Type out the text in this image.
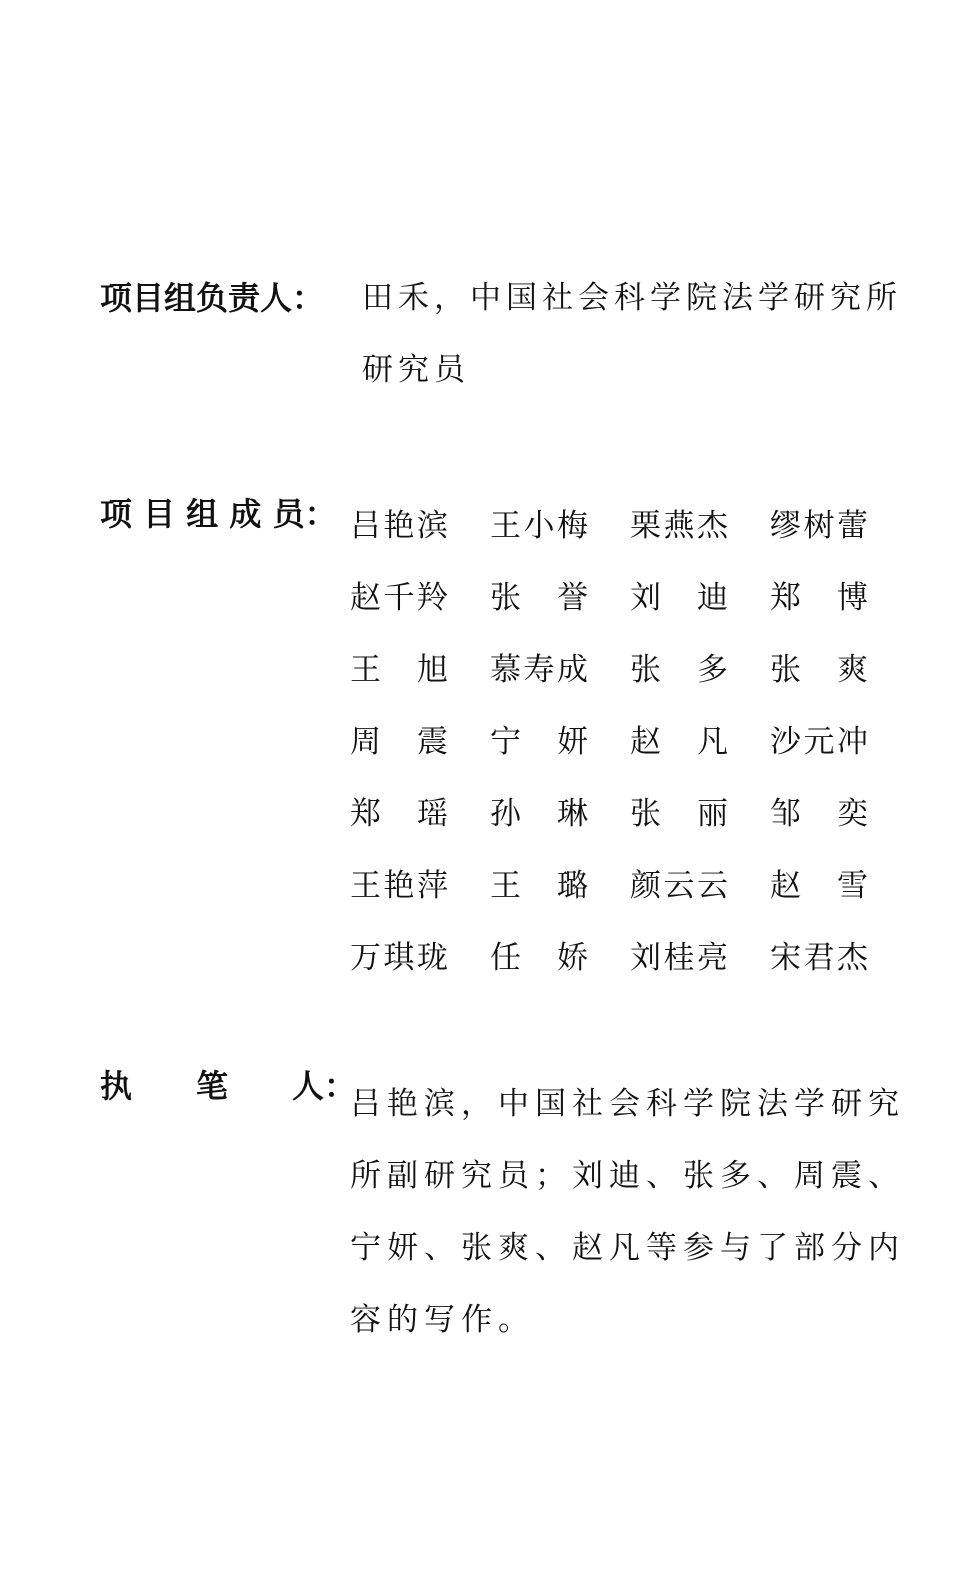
项目组负责人： 田禾，中国社会科学院法学研究所
研究员
项 目 组 成 员： 吕 艳 滨 王 小 梅 栗 燕 杰 缪 树 蕾
赵 千 羚 张 誉 刘 迪 郑 博
王 旭 慕 寿 成 张 多 张 爽
周 震 宁 妍 赵 凡 沙 元 冲
郑 瑶 孙 琳 张 丽 邹 奕
王 艳 萍 王 璐 颜 云 云 赵 雪
万 琪 珑 任 娇 刘 桂 亮 宋 君 杰
执　　笔　　人：
吕艳滨，中国社会科学院法学研究
所副研究员；刘迪、张多、周震、
宁妍、张爽、赵凡等参与了部分内
容的写作。
